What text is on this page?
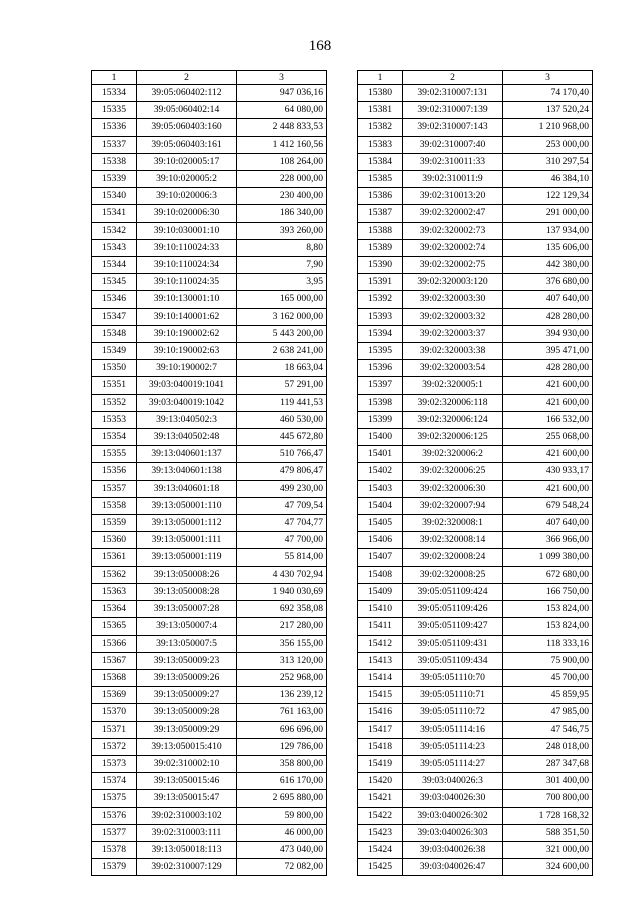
168
1	2	3
15334	39:05:060402:112	947 036,16
15335	39:05:060402:14	64 080,00
15336	39:05:060403:160	2 448 833,53
15337	39:05:060403:161	1 412 160,56
15338	39:10:020005:17	108 264,00
15339	39:10:020005:2	228 000,00
15340	39:10:020006:3	230 400,00
15341	39:10:020006:30	186 340,00
15342	39:10:030001:10	393 260,00
15343	39:10:110024:33	8,80
15344	39:10:110024:34	7,90
15345	39:10:110024:35	3,95
15346	39:10:130001:10	165 000,00
15347	39:10:140001:62	3 162 000,00
15348	39:10:190002:62	5 443 200,00
15349	39:10:190002:63	2 638 241,00
15350	39:10:190002:7	18 663,04
15351	39:03:040019:1041	57 291,00
15352	39:03:040019:1042	119 441,53
15353	39:13:040502:3	460 530,00
15354	39:13:040502:48	445 672,80
15355	39:13:040601:137	510 766,47
15356	39:13:040601:138	479 806,47
15357	39:13:040601:18	499 230,00
15358	39:13:050001:110	47 709,54
15359	39:13:050001:112	47 704,77
15360	39:13:050001:111	47 700,00
15361	39:13:050001:119	55 814,00
15362	39:13:050008:26	4 430 702,94
15363	39:13:050008:28	1 940 030,69
15364	39:13:050007:28	692 358,08
15365	39:13:050007:4	217 280,00
15366	39:13:050007:5	356 155,00
15367	39:13:050009:23	313 120,00
15368	39:13:050009:26	252 968,00
15369	39:13:050009:27	136 239,12
15370	39:13:050009:28	761 163,00
15371	39:13:050009:29	696 696,00
15372	39:13:050015:410	129 786,00
15373	39:02:310002:10	358 800,00
15374	39:13:050015:46	616 170,00
15375	39:13:050015:47	2 695 880,00
15376	39:02:310003:102	59 800,00
15377	39:02:310003:111	46 000,00
15378	39:13:050018:113	473 040,00
15379	39:02:310007:129	72 082,00
1	2	3
15380	39:02:310007:131	74 170,40
15381	39:02:310007:139	137 520,24
15382	39:02:310007:143	1 210 968,00
15383	39:02:310007:40	253 000,00
15384	39:02:310011:33	310 297,54
15385	39:02:310011:9	46 384,10
15386	39:02:310013:20	122 129,34
15387	39:02:320002:47	291 000,00
15388	39:02:320002:73	137 934,00
15389	39:02:320002:74	135 606,00
15390	39:02:320002:75	442 380,00
15391	39:02:320003:120	376 680,00
15392	39:02:320003:30	407 640,00
15393	39:02:320003:32	428 280,00
15394	39:02:320003:37	394 930,00
15395	39:02:320003:38	395 471,00
15396	39:02:320003:54	428 280,00
15397	39:02:320005:1	421 600,00
15398	39:02:320006:118	421 600,00
15399	39:02:320006:124	166 532,00
15400	39:02:320006:125	255 068,00
15401	39:02:320006:2	421 600,00
15402	39:02:320006:25	430 933,17
15403	39:02:320006:30	421 600,00
15404	39:02:320007:94	679 548,24
15405	39:02:320008:1	407 640,00
15406	39:02:320008:14	366 966,00
15407	39:02:320008:24	1 099 380,00
15408	39:02:320008:25	672 680,00
15409	39:05:051109:424	166 750,00
15410	39:05:051109:426	153 824,00
15411	39:05:051109:427	153 824,00
15412	39:05:051109:431	118 333,16
15413	39:05:051109:434	75 900,00
15414	39:05:051110:70	45 700,00
15415	39:05:051110:71	45 859,95
15416	39:05:051110:72	47 985,00
15417	39:05:051114:16	47 546,75
15418	39:05:051114:23	248 018,00
15419	39:05:051114:27	287 347,68
15420	39:03:040026:3	301 400,00
15421	39:03:040026:30	700 800,00
15422	39:03:040026:302	1 728 168,32
15423	39:03:040026:303	588 351,50
15424	39:03:040026:38	321 000,00
15425	39:03:040026:47	324 600,00
